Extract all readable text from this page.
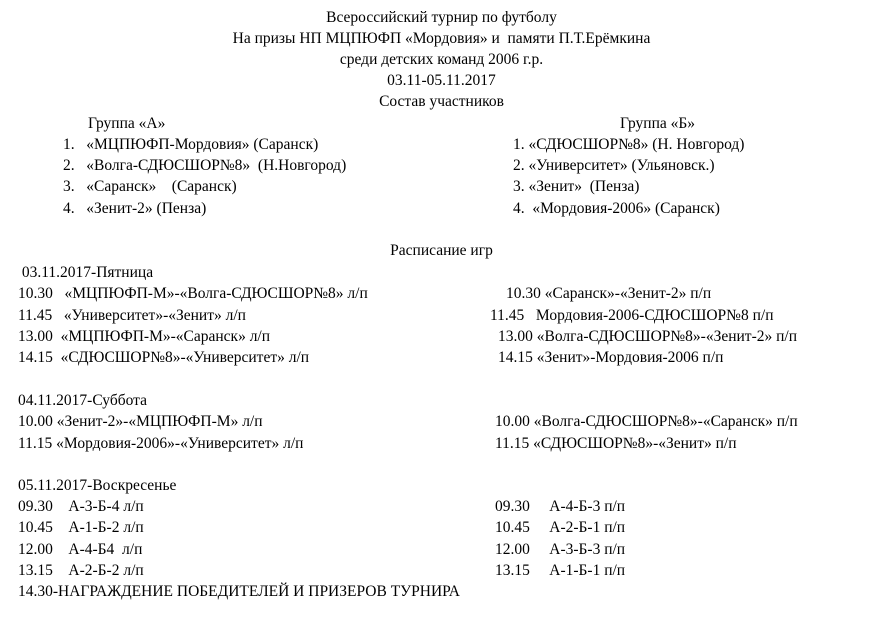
Всероссийский турнир по футболу
На призы НП МЦПЮФП «Мордовия» и  памяти П.Т.Ерёмкина
среди детских команд 2006 г.р.
03.11-05.11.2017
Состав участников
Группа «А»	Группа «Б»
1.   «МЦПЮФП-Мордовия» (Саранск)
2.   «Волга-СДЮСШОР№8»  (Н.Новгород)
3.   «Саранск»    (Саранск)
4.   «Зенит-2» (Пенза)
1. «СДЮСШОР№8» (Н. Новгород)
2. «Университет» (Ульяновск.)
3. «Зенит»  (Пенза)
4.  «Мордовия-2006» (Саранск)
Расписание игр
03.11.2017-Пятница
10.30   «МЦПЮФП-М»-«Волга-СДЮСШОР№8» л/п
11.45   «Университет»-«Зенит» л/п
13.00  «МЦПЮФП-М»-«Саранск» л/п
14.15  «СДЮСШОР№8»-«Университет» л/п
10.30 «Саранск»-«Зенит-2» п/п
11.45   Мордовия-2006-СДЮСШОР№8 п/п
13.00 «Волга-СДЮСШОР№8»-«Зенит-2» п/п
14.15 «Зенит»-Мордовия-2006 п/п
04.11.2017-Суббота
10.00 «Зенит-2»-«МЦПЮФП-М» л/п
11.15 «Мордовия-2006»-«Университет» л/п
10.00 «Волга-СДЮСШОР№8»-«Саранск» п/п
11.15 «СДЮСШОР№8»-«Зенит» п/п
05.11.2017-Воскресенье
09.30    А-3-Б-4 л/п
10.45    А-1-Б-2 л/п
12.00    А-4-Б4  л/п
13.15    А-2-Б-2 л/п
09.30     А-4-Б-3 п/п
10.45     А-2-Б-1 п/п
12.00     А-3-Б-3 п/п
13.15     А-1-Б-1 п/п
14.30-НАГРАЖДЕНИЕ ПОБЕДИТЕЛЕЙ И ПРИЗЕРОВ ТУРНИРА
